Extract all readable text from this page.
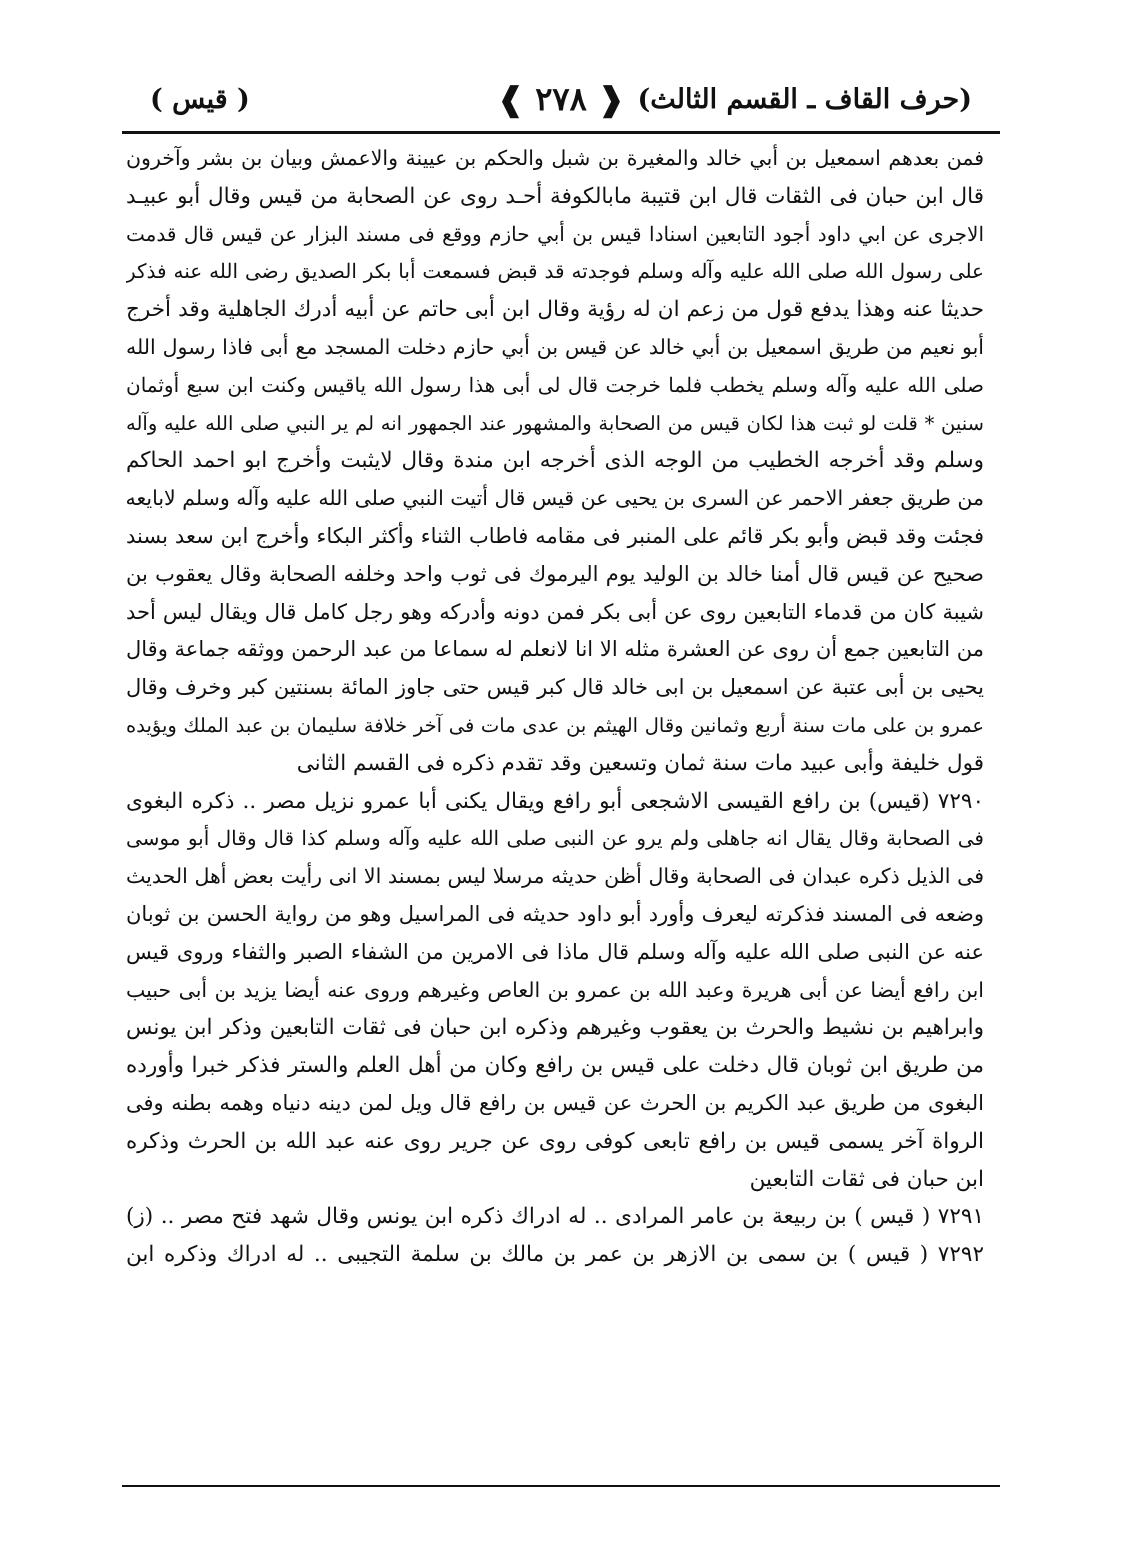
(حرف القاف ـ القسم الثالث)
❰ ٢٧٨ ❱
( قيس )
فمن بعدهم اسمعيل بن أبي خالد والمغيرة بن شبل والحكم بن عيينة والاعمش وبيان بن بشر وآخرون
قال ابن حبان فى الثقات قال ابن قتيبة مابالكوفة أحـد روى عن الصحابة من قيس وقال أبو عبيـد
الاجرى عن ابي داود أجود التابعين اسنادا قيس بن أبي حازم ووقع فى مسند البزار عن قيس قال قدمت
على رسول الله صلى الله عليه وآله وسلم فوجدته قد قبض فسمعت أبا بكر الصديق رضى الله عنه فذكر
حديثا عنه وهذا يدفع قول من زعم ان له رؤية وقال ابن أبى حاتم عن أبيه أدرك الجاهلية وقد أخرج
أبو نعيم من طريق اسمعيل بن أبي خالد عن قيس بن أبي حازم دخلت المسجد مع أبى فاذا رسول الله
صلى الله عليه وآله وسلم يخطب فلما خرجت قال لى أبى هذا رسول الله ياقيس وكنت ابن سبع أوثمان
سنين * قلت لو ثبت هذا لكان قيس من الصحابة والمشهور عند الجمهور انه لم ير النبي صلى الله عليه وآله
وسلم وقد أخرجه الخطيب من الوجه الذى أخرجه ابن مندة وقال لايثبت وأخرج ابو احمد الحاكم
من طريق جعفر الاحمر عن السرى بن يحيى عن قيس قال أتيت النبي صلى الله عليه وآله وسلم لابايعه
فجئت وقد قبض وأبو بكر قائم على المنبر فى مقامه فاطاب الثناء وأكثر البكاء وأخرج ابن سعد بسند
صحيح عن قيس قال أمنا خالد بن الوليد يوم اليرموك فى ثوب واحد وخلفه الصحابة وقال يعقوب بن
شيبة كان من قدماء التابعين روى عن أبى بكر فمن دونه وأدركه وهو رجل كامل قال ويقال ليس أحد
من التابعين جمع أن روى عن العشرة مثله الا انا لانعلم له سماعا من عبد الرحمن ووثقه جماعة وقال
يحيى بن أبى عتبة عن اسمعيل بن ابى خالد قال كبر قيس حتى جاوز المائة بسنتين كبر وخرف وقال
عمرو بن على مات سنة أربع وثمانين وقال الهيثم بن عدى مات فى آخر خلافة سليمان بن عبد الملك ويؤيده
قول خليفة وأبى عبيد مات سنة ثمان وتسعين وقد تقدم ذكره فى القسم الثانى
٧٢٩٠ (قيس) بن رافع القيسى الاشجعى أبو رافع ويقال يكنى أبا عمرو نزيل مصر .. ذكره البغوى
فى الصحابة وقال يقال انه جاهلى ولم يرو عن النبى صلى الله عليه وآله وسلم كذا قال وقال أبو موسى
فى الذيل ذكره عبدان فى الصحابة وقال أظن حديثه مرسلا ليس بمسند الا انى رأيت بعض أهل الحديث
وضعه فى المسند فذكرته ليعرف وأورد أبو داود حديثه فى المراسيل وهو من رواية الحسن بن ثوبان
عنه عن النبى صلى الله عليه وآله وسلم قال ماذا فى الامرين من الشفاء الصبر والثفاء وروى قيس
ابن رافع أيضا عن أبى هريرة وعبد الله بن عمرو بن العاص وغيرهم وروى عنه أيضا يزيد بن أبى حبيب
وابراهيم بن نشيط والحرث بن يعقوب وغيرهم وذكره ابن حبان فى ثقات التابعين وذكر ابن يونس
من طريق ابن ثوبان قال دخلت على قيس بن رافع وكان من أهل العلم والستر فذكر خبرا وأورده
البغوى من طريق عبد الكريم بن الحرث عن قيس بن رافع قال ويل لمن دينه دنياه وهمه بطنه وفى
الرواة آخر يسمى قيس بن رافع تابعى كوفى روى عن جرير روى عنه عبد الله بن الحرث وذكره
ابن حبان فى ثقات التابعين
٧٢٩١ ( قيس ) بن ربيعة بن عامر المرادى .. له ادراك ذكره ابن يونس وقال شهد فتح مصر .. (ز)
٧٢٩٢ ( قيس ) بن سمى بن الازهر بن عمر بن مالك بن سلمة التجيبى .. له ادراك وذكره ابن
